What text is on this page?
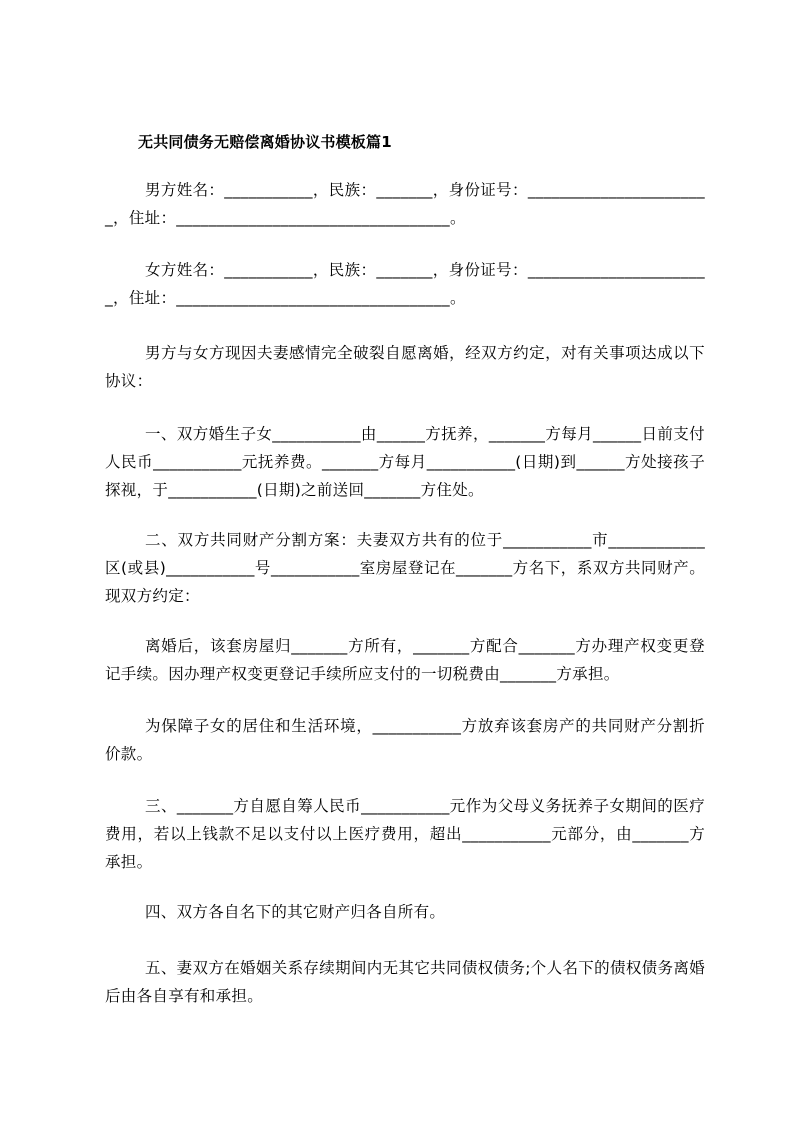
无共同债务无赔偿离婚协议书模板篇1

男方姓名：___________，民族：_______，身份证号：_______________________，住址：__________________________________。

女方姓名：___________，民族：_______，身份证号：_______________________，住址：__________________________________。

男方与女方现因夫妻感情完全破裂自愿离婚，经双方约定，对有关事项达成以下协议：

一、双方婚生子女___________由______方抚养，_______方每月______日前支付人民币___________元抚养费。_______方每月___________(日期)到______方处接孩子探视，于___________(日期)之前送回_______方住处。

二、双方共同财产分割方案：夫妻双方共有的位于___________市____________区(或县)___________号___________室房屋登记在_______方名下，系双方共同财产。现双方约定：

离婚后，该套房屋归_______方所有，_______方配合_______方办理产权变更登记手续。因办理产权变更登记手续所应支付的一切税费由_______方承担。

为保障子女的居住和生活环境，___________方放弃该套房产的共同财产分割折价款。

三、_______方自愿自筹人民币___________元作为父母义务抚养子女期间的医疗费用，若以上钱款不足以支付以上医疗费用，超出___________元部分，由_______方承担。

四、双方各自名下的其它财产归各自所有。

五、妻双方在婚姻关系存续期间内无其它共同债权债务;个人名下的债权债务离婚后由各自享有和承担。
